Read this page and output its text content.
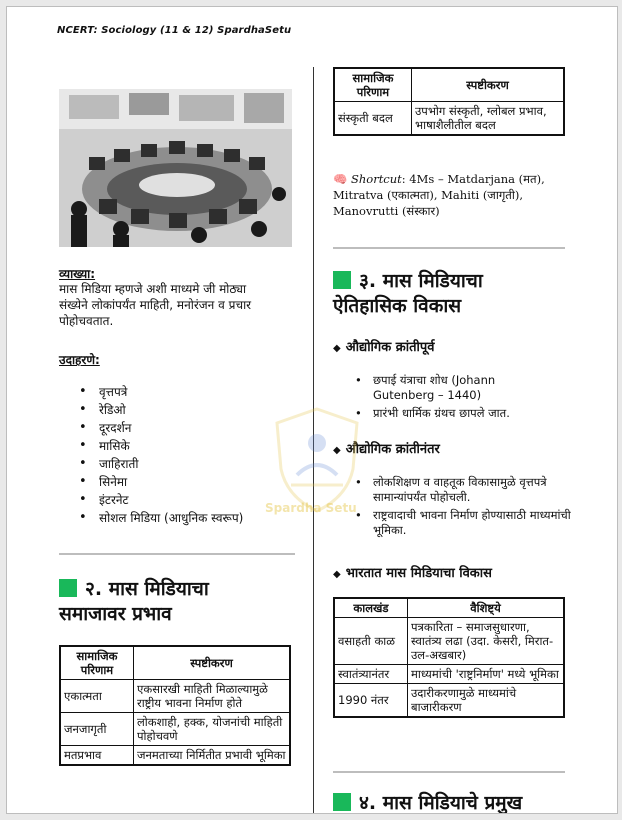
NCERT: Sociology (11 & 12) SpardhaSetu
व्याख्या:
मास मिडिया म्हणजे अशी माध्यमे जी मोठ्या
संख्येने लोकांपर्यंत माहिती, मनोरंजन व प्रचार
पोहोचवतात.
उदाहरणे:
• वृत्तपत्रे
• रेडिओ
• दूरदर्शन
• मासिके
• जाहिराती
• सिनेमा
• इंटरनेट
• सोशल मिडिया (आधुनिक स्वरूप)
२. मास मिडियाचा
समाजावर प्रभाव
सामाजिक परिणाम	स्पष्टीकरण
एकात्मता	एकसारखी माहिती मिळाल्यामुळे राष्ट्रीय भावना निर्माण होते
जनजागृती	लोकशाही, हक्क, योजनांची माहिती पोहोचवणे
मतप्रभाव	जनमताच्या निर्मितीत प्रभावी भूमिका
सामाजिक परिणाम	स्पष्टीकरण
संस्कृती बदल	उपभोग संस्कृती, ग्लोबल प्रभाव, भाषाशैलीतील बदल
🧠 Shortcut: 4Ms – Matdarjana (मत),
Mitratva (एकात्मता), Mahiti (जागृती),
Manovrutti (संस्कार)
३. मास मिडियाचा
ऐतिहासिक विकास
◆ औद्योगिक क्रांतीपूर्व
• छपाई यंत्राचा शोध (Johann Gutenberg – 1440)
• प्रारंभी धार्मिक ग्रंथच छापले जात.
◆ औद्योगिक क्रांतीनंतर
• लोकशिक्षण व वाहतूक विकासामुळे वृत्तपत्रे सामान्यांपर्यंत पोहोचली.
• राष्ट्रवादाची भावना निर्माण होण्यासाठी माध्यमांची भूमिका.
◆ भारतात मास मिडियाचा विकास
कालखंड	वैशिष्ट्ये
वसाहती काळ	पत्रकारिता – समाजसुधारणा, स्वातंत्र्य लढा (उदा. केसरी, मिरात-उल-अखबार)
स्वातंत्र्यानंतर	माध्यमांची 'राष्ट्रनिर्माण' मध्ये भूमिका
1990 नंतर	उदारीकरणामुळे माध्यमांचे बाजारीकरण
४. मास मिडियाचे प्रमुख
Spardha Setu
